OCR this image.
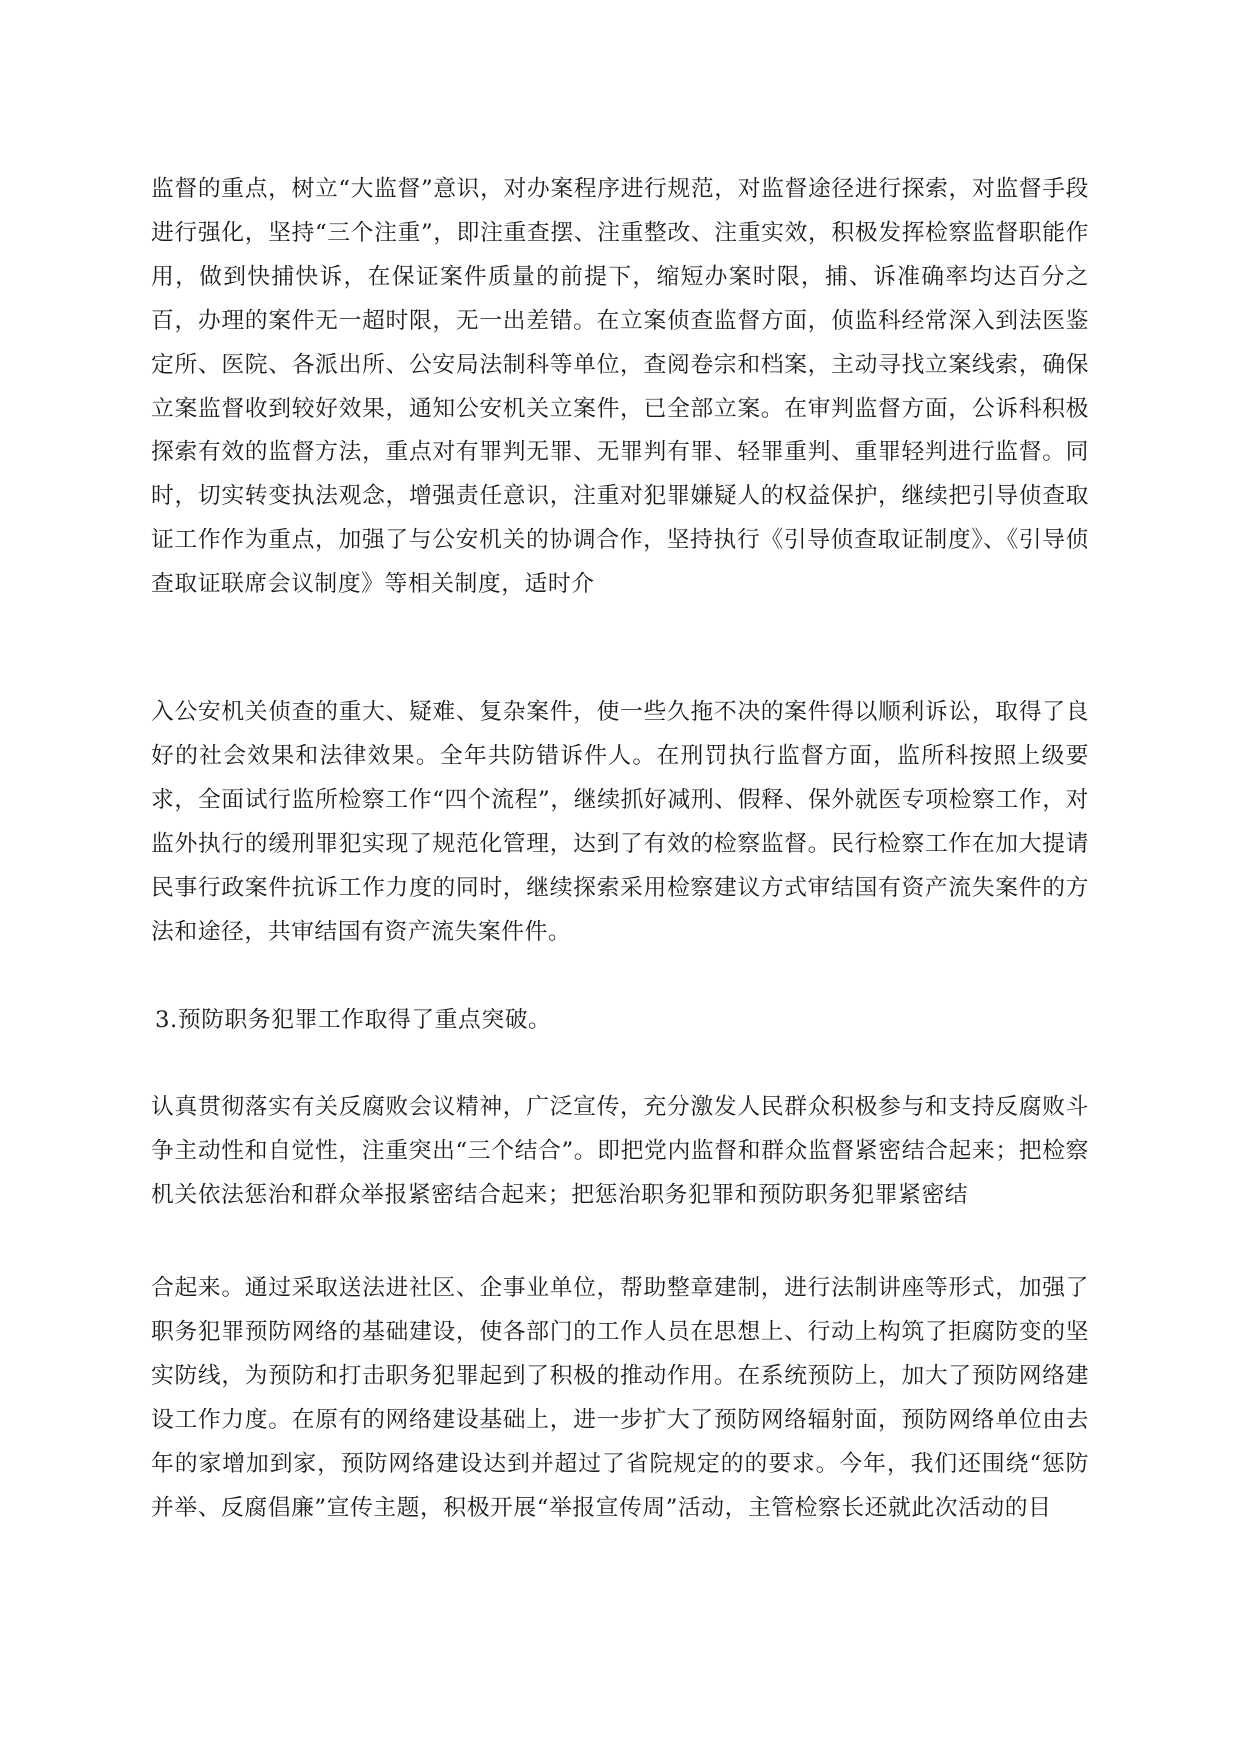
监督的重点，树立“大监督”意识，对办案程序进行规范，对监督途径进行探索，对监督手段进行强化，坚持“三个注重”，即注重查摆、注重整改、注重实效，积极发挥检察监督职能作用，做到快捕快诉，在保证案件质量的前提下，缩短办案时限，捕、诉准确率均达百分之百，办理的案件无一超时限，无一出差错。在立案侦查监督方面，侦监科经常深入到法医鉴定所、医院、各派出所、公安局法制科等单位，查阅卷宗和档案，主动寻找立案线索，确保立案监督收到较好效果，通知公安机关立案件，已全部立案。在审判监督方面，公诉科积极探索有效的监督方法，重点对有罪判无罪、无罪判有罪、轻罪重判、重罪轻判进行监督。同时，切实转变执法观念，增强责任意识，注重对犯罪嫌疑人的权益保护，继续把引导侦查取证工作作为重点，加强了与公安机关的协调合作，坚持执行《引导侦查取证制度》、《引导侦查取证联席会议制度》等相关制度，适时介

入公安机关侦查的重大、疑难、复杂案件，使一些久拖不决的案件得以顺利诉讼，取得了良好的社会效果和法律效果。全年共防错诉件人。在刑罚执行监督方面，监所科按照上级要求，全面试行监所检察工作“四个流程”，继续抓好减刑、假释、保外就医专项检察工作，对监外执行的缓刑罪犯实现了规范化管理，达到了有效的检察监督。民行检察工作在加大提请民事行政案件抗诉工作力度的同时，继续探索采用检察建议方式审结国有资产流失案件的方法和途径，共审结国有资产流失案件件。

3.预防职务犯罪工作取得了重点突破。

认真贯彻落实有关反腐败会议精神，广泛宣传，充分激发人民群众积极参与和支持反腐败斗争主动性和自觉性，注重突出“三个结合”。即把党内监督和群众监督紧密结合起来；把检察机关依法惩治和群众举报紧密结合起来；把惩治职务犯罪和预防职务犯罪紧密结

合起来。通过采取送法进社区、企事业单位，帮助整章建制，进行法制讲座等形式，加强了职务犯罪预防网络的基础建设，使各部门的工作人员在思想上、行动上构筑了拒腐防变的坚实防线，为预防和打击职务犯罪起到了积极的推动作用。在系统预防上，加大了预防网络建设工作力度。在原有的网络建设基础上，进一步扩大了预防网络辐射面，预防网络单位由去年的家增加到家，预防网络建设达到并超过了省院规定的的要求。今年，我们还围绕“惩防并举、反腐倡廉”宣传主题，积极开展“举报宣传周”活动，主管检察长还就此次活动的目
